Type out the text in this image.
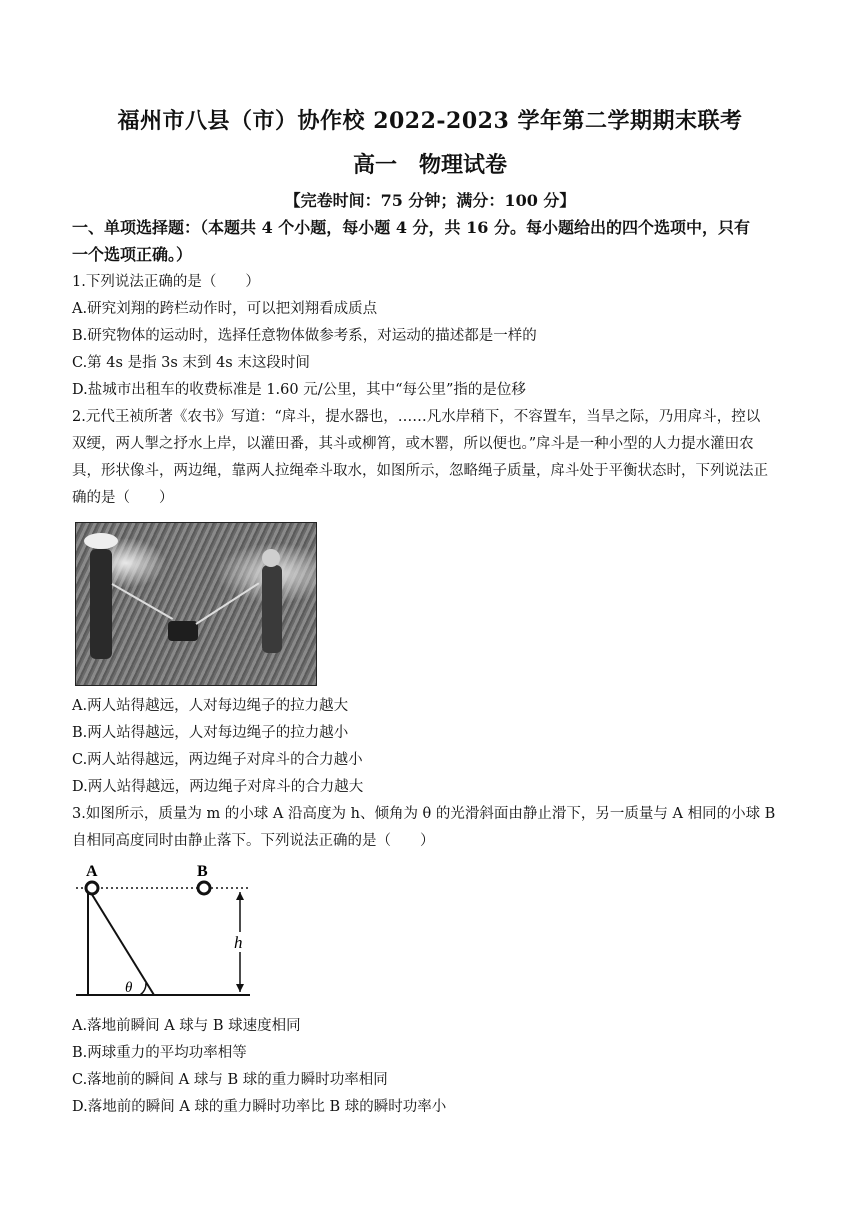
福州市八县（市）协作校 2022-2023 学年第二学期期末联考
高一　物理试卷
【完卷时间：75 分钟；满分：100 分】
一、单项选择题：（本题共 4 个小题，每小题 4 分，共 16 分。每小题给出的四个选项中，只有
一个选项正确。）
1.下列说法正确的是（　　）
A.研究刘翔的跨栏动作时，可以把刘翔看成质点
B.研究物体的运动时，选择任意物体做参考系，对运动的描述都是一样的
C.第 4s 是指 3s 末到 4s 末这段时间
D.盐城市出租车的收费标准是 1.60 元/公里，其中“每公里”指的是位移
2.元代王祯所著《农书》写道：“戽斗，提水器也，……凡水岸稍下，不容置车，当旱之际，乃用戽斗，控以
双绠，两人掣之抒水上岸，以灌田番，其斗或柳筲，或木罂，所以便也。”戽斗是一种小型的人力提水灌田农
具，形状像斗，两边绳，靠两人拉绳牵斗取水，如图所示，忽略绳子质量，戽斗处于平衡状态时，下列说法正
确的是（　　）
A.两人站得越远，人对每边绳子的拉力越大
B.两人站得越远，人对每边绳子的拉力越小
C.两人站得越远，两边绳子对戽斗的合力越小
D.两人站得越远，两边绳子对戽斗的合力越大
3.如图所示，质量为 m 的小球 A 沿高度为 h、倾角为 θ 的光滑斜面由静止滑下，另一质量与 A 相同的小球 B
自相同高度同时由静止落下。下列说法正确的是（　　）
A	B
h
θ
A.落地前瞬间 A 球与 B 球速度相同
B.两球重力的平均功率相等
C.落地前的瞬间 A 球与 B 球的重力瞬时功率相同
D.落地前的瞬间 A 球的重力瞬时功率比 B 球的瞬时功率小
